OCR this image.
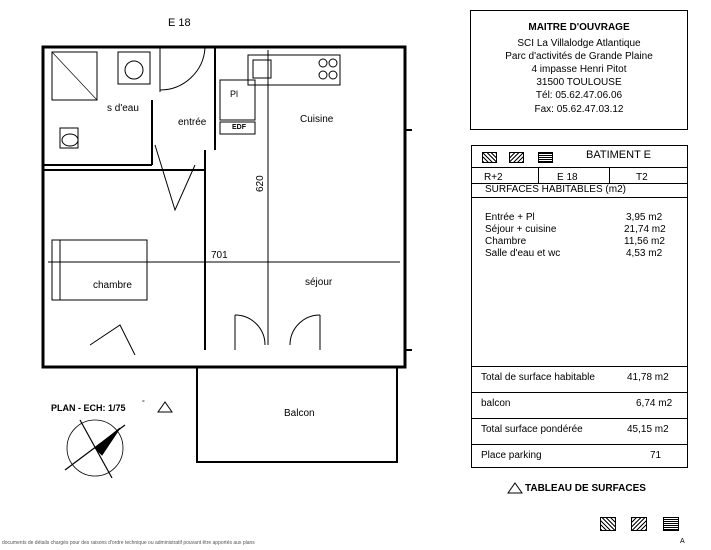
E 18
s d'eau
entrée
Pl
EDF
Cuisine
chambre	séjour
Balcon
620
701
PLAN - ECH: 1/75 °
documents de détails chargés pour des raisons d'ordre technique ou administratif pouvant être apportés aux plans
MAITRE D'OUVRAGE
SCI La Villalodge Atlantique
Parc d'activités de Grande Plaine
4 impasse Henri Pitot
31500 TOULOUSE
Tél: 05.62.47.06.06
Fax: 05.62.47.03.12
BATIMENT E
R+2	E 18	T2
SURFACES HABITABLES (m2)
Entrée + Pl	3,95 m2
Séjour + cuisine	21,74 m2
Chambre	11,56 m2
Salle d'eau et wc	4,53 m2
Total de surface habitable	41,78 m2
balcon	6,74 m2
Total surface pondérée	45,15 m2
Place parking	71
TABLEAU DE SURFACES
A
